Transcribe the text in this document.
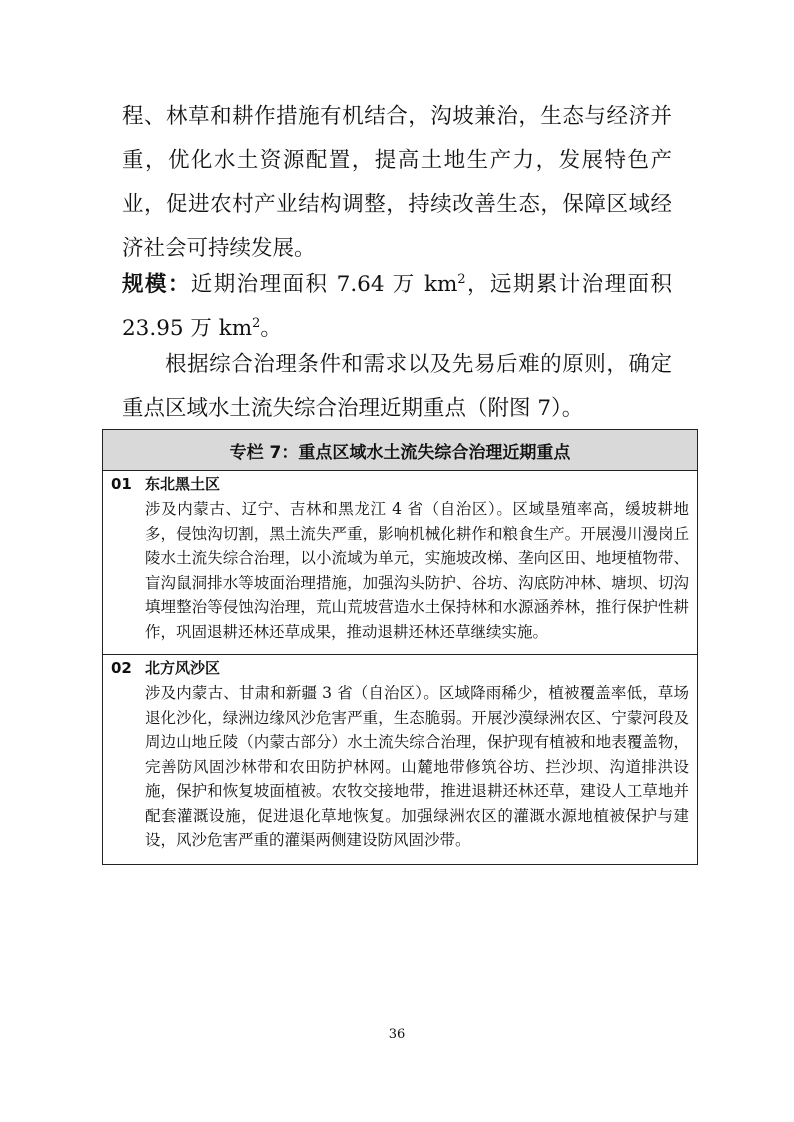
程、林草和耕作措施有机结合，沟坡兼治，生态与经济并重，优化水土资源配置，提高土地生产力，发展特色产业，促进农村产业结构调整，持续改善生态，保障区域经济社会可持续发展。

规模：近期治理面积 7.64 万 $km^2$，远期累计治理面积 23.95 万 $km^2$。

根据综合治理条件和需求以及先易后难的原则，确定重点区域水土流失综合治理近期重点（附图 7）。

专栏 7：重点区域水土流失综合治理近期重点
01 东北黑土区

涉及内蒙古、辽宁、吉林和黑龙江 4 省（自治区）。区域垦殖率高，缓坡耕地多，侵蚀沟切割，黑土流失严重，影响机械化耕作和粮食生产。开展漫川漫岗丘陵水土流失综合治理，以小流域为单元，实施坡改梯、垄向区田、地埂植物带、盲沟鼠洞排水等坡面治理措施，加强沟头防护、谷坊、沟底防冲林、塘坝、切沟填埋整治等侵蚀沟治理，荒山荒坡营造水土保持林和水源涵养林，推行保护性耕作，巩固退耕还林还草成果，推动退耕还林还草继续实施。

02 北方风沙区

涉及内蒙古、甘肃和新疆 3 省（自治区）。区域降雨稀少，植被覆盖率低，草场退化沙化，绿洲边缘风沙危害严重，生态脆弱。开展沙漠绿洲农区、宁蒙河段及周边山地丘陵（内蒙古部分）水土流失综合治理，保护现有植被和地表覆盖物，完善防风固沙林带和农田防护林网。山麓地带修筑谷坊、拦沙坝、沟道排洪设施，保护和恢复坡面植被。农牧交接地带，推进退耕还林还草，建设人工草地并配套灌溉设施，促进退化草地恢复。加强绿洲农区的灌溉水源地植被保护与建设，风沙危害严重的灌渠两侧建设防风固沙带。

36
